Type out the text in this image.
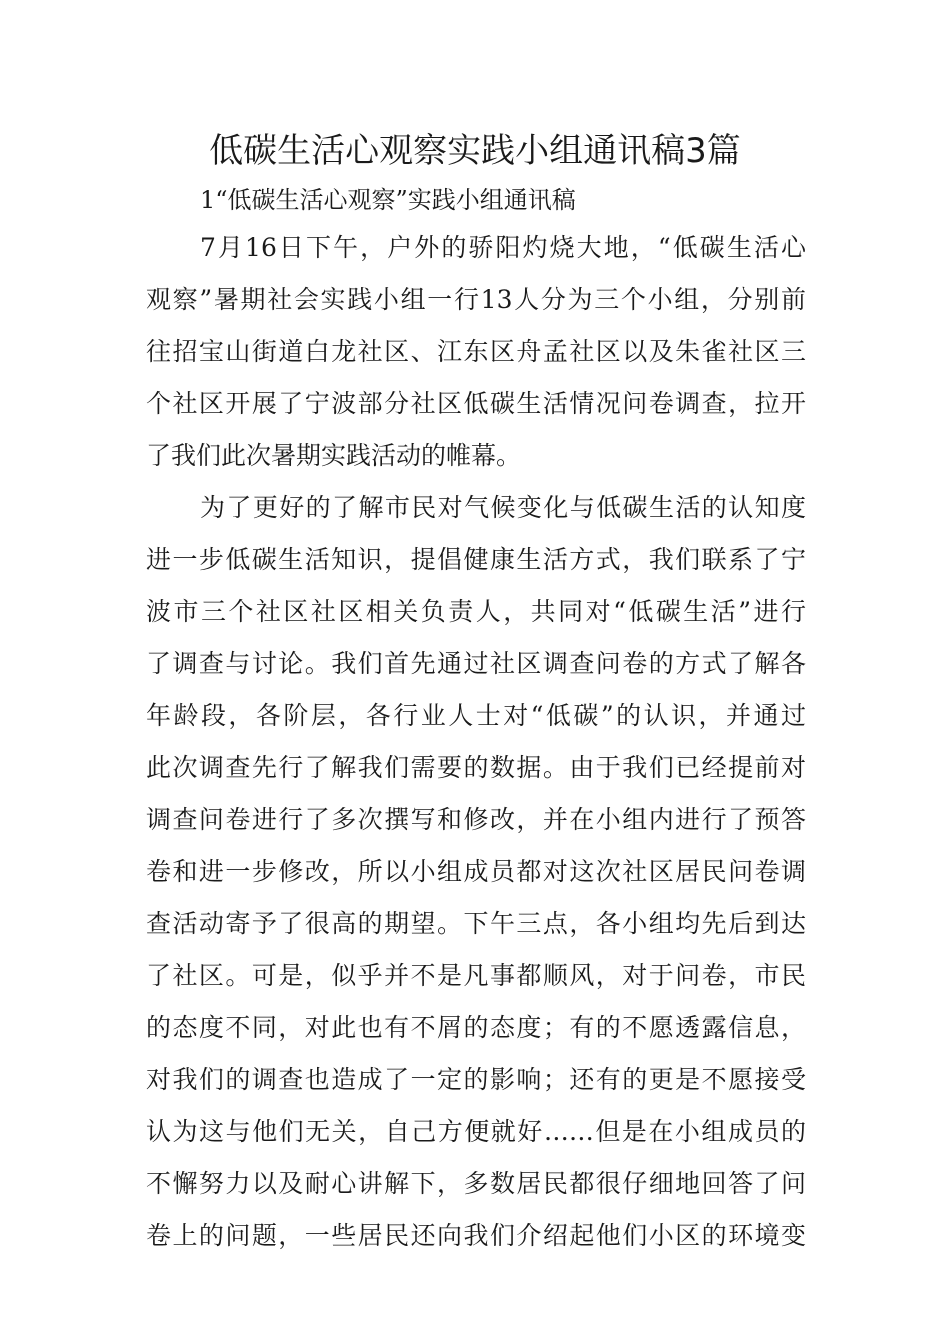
低碳生活心观察实践小组通讯稿3篇

1“低碳生活心观察”实践小组通讯稿

7月16日下午，户外的骄阳灼烧大地，“低碳生活心

观察”暑期社会实践小组一行13人分为三个小组，分别前

往招宝山街道白龙社区、江东区舟孟社区以及朱雀社区三

个社区开展了宁波部分社区低碳生活情况问卷调查，拉开

了我们此次暑期实践活动的帷幕。

为了更好的了解市民对气候变化与低碳生活的认知度

进一步低碳生活知识，提倡健康生活方式，我们联系了宁

波市三个社区社区相关负责人，共同对“低碳生活”进行

了调查与讨论。我们首先通过社区调查问卷的方式了解各

年龄段，各阶层，各行业人士对“低碳”的认识，并通过

此次调查先行了解我们需要的数据。由于我们已经提前对

调查问卷进行了多次撰写和修改，并在小组内进行了预答

卷和进一步修改，所以小组成员都对这次社区居民问卷调

查活动寄予了很高的期望。下午三点，各小组均先后到达

了社区。可是，似乎并不是凡事都顺风，对于问卷，市民

的态度不同，对此也有不屑的态度；有的不愿透露信息，

对我们的调查也造成了一定的影响；还有的更是不愿接受

认为这与他们无关，自己方便就好……但是在小组成员的

不懈努力以及耐心讲解下，多数居民都很仔细地回答了问

卷上的问题，一些居民还向我们介绍起他们小区的环境变
